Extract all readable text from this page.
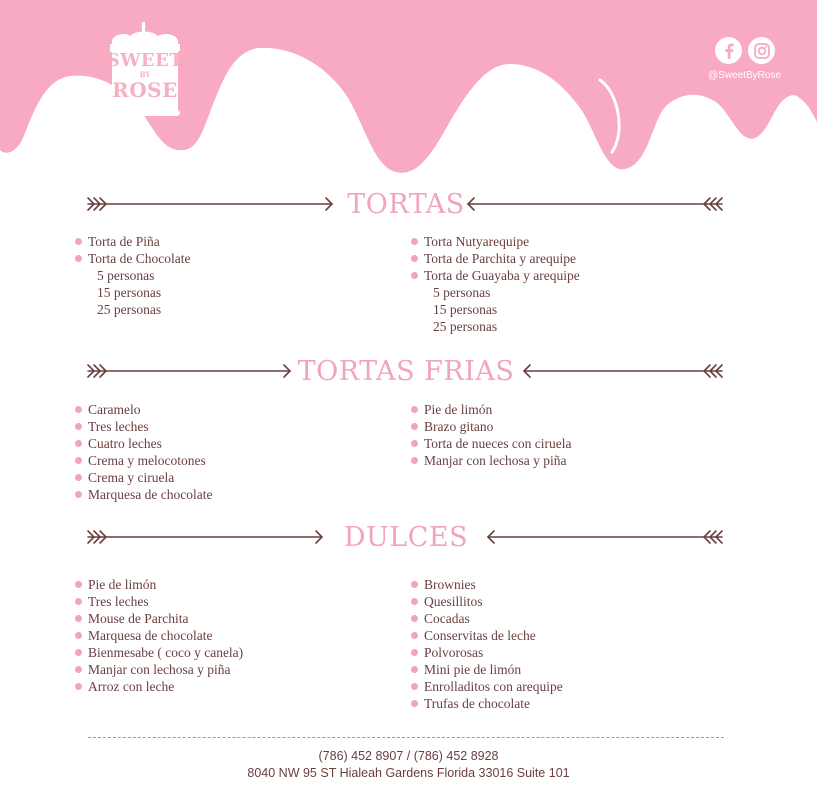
SWEET
BY
ROSE
@SweetByRose
TORTAS
TORTAS FRIAS
DULCES
Torta de Piña
Torta de Chocolate
5 personas
15 personas
25 personas
Torta Nutyarequipe
Torta de Parchita y arequipe
Torta de Guayaba y arequipe
5 personas
15 personas
25 personas
Caramelo
Tres leches
Cuatro leches
Crema y melocotones
Crema y ciruela
Marquesa de chocolate
Pie de limón
Brazo gitano
Torta de nueces con ciruela
Manjar con lechosa y piña
Pie de limón
Tres leches
Mouse de Parchita
Marquesa de chocolate
Bienmesabe ( coco y canela)
Manjar con lechosa y piña
Arroz con leche
Brownies
Quesillitos
Cocadas
Conservitas de leche
Polvorosas
Mini pie de limón
Enrolladitos con arequipe
Trufas de chocolate
(786) 452 8907 / (786) 452 8928
8040 NW 95 ST Hialeah Gardens Florida 33016 Suite 101
